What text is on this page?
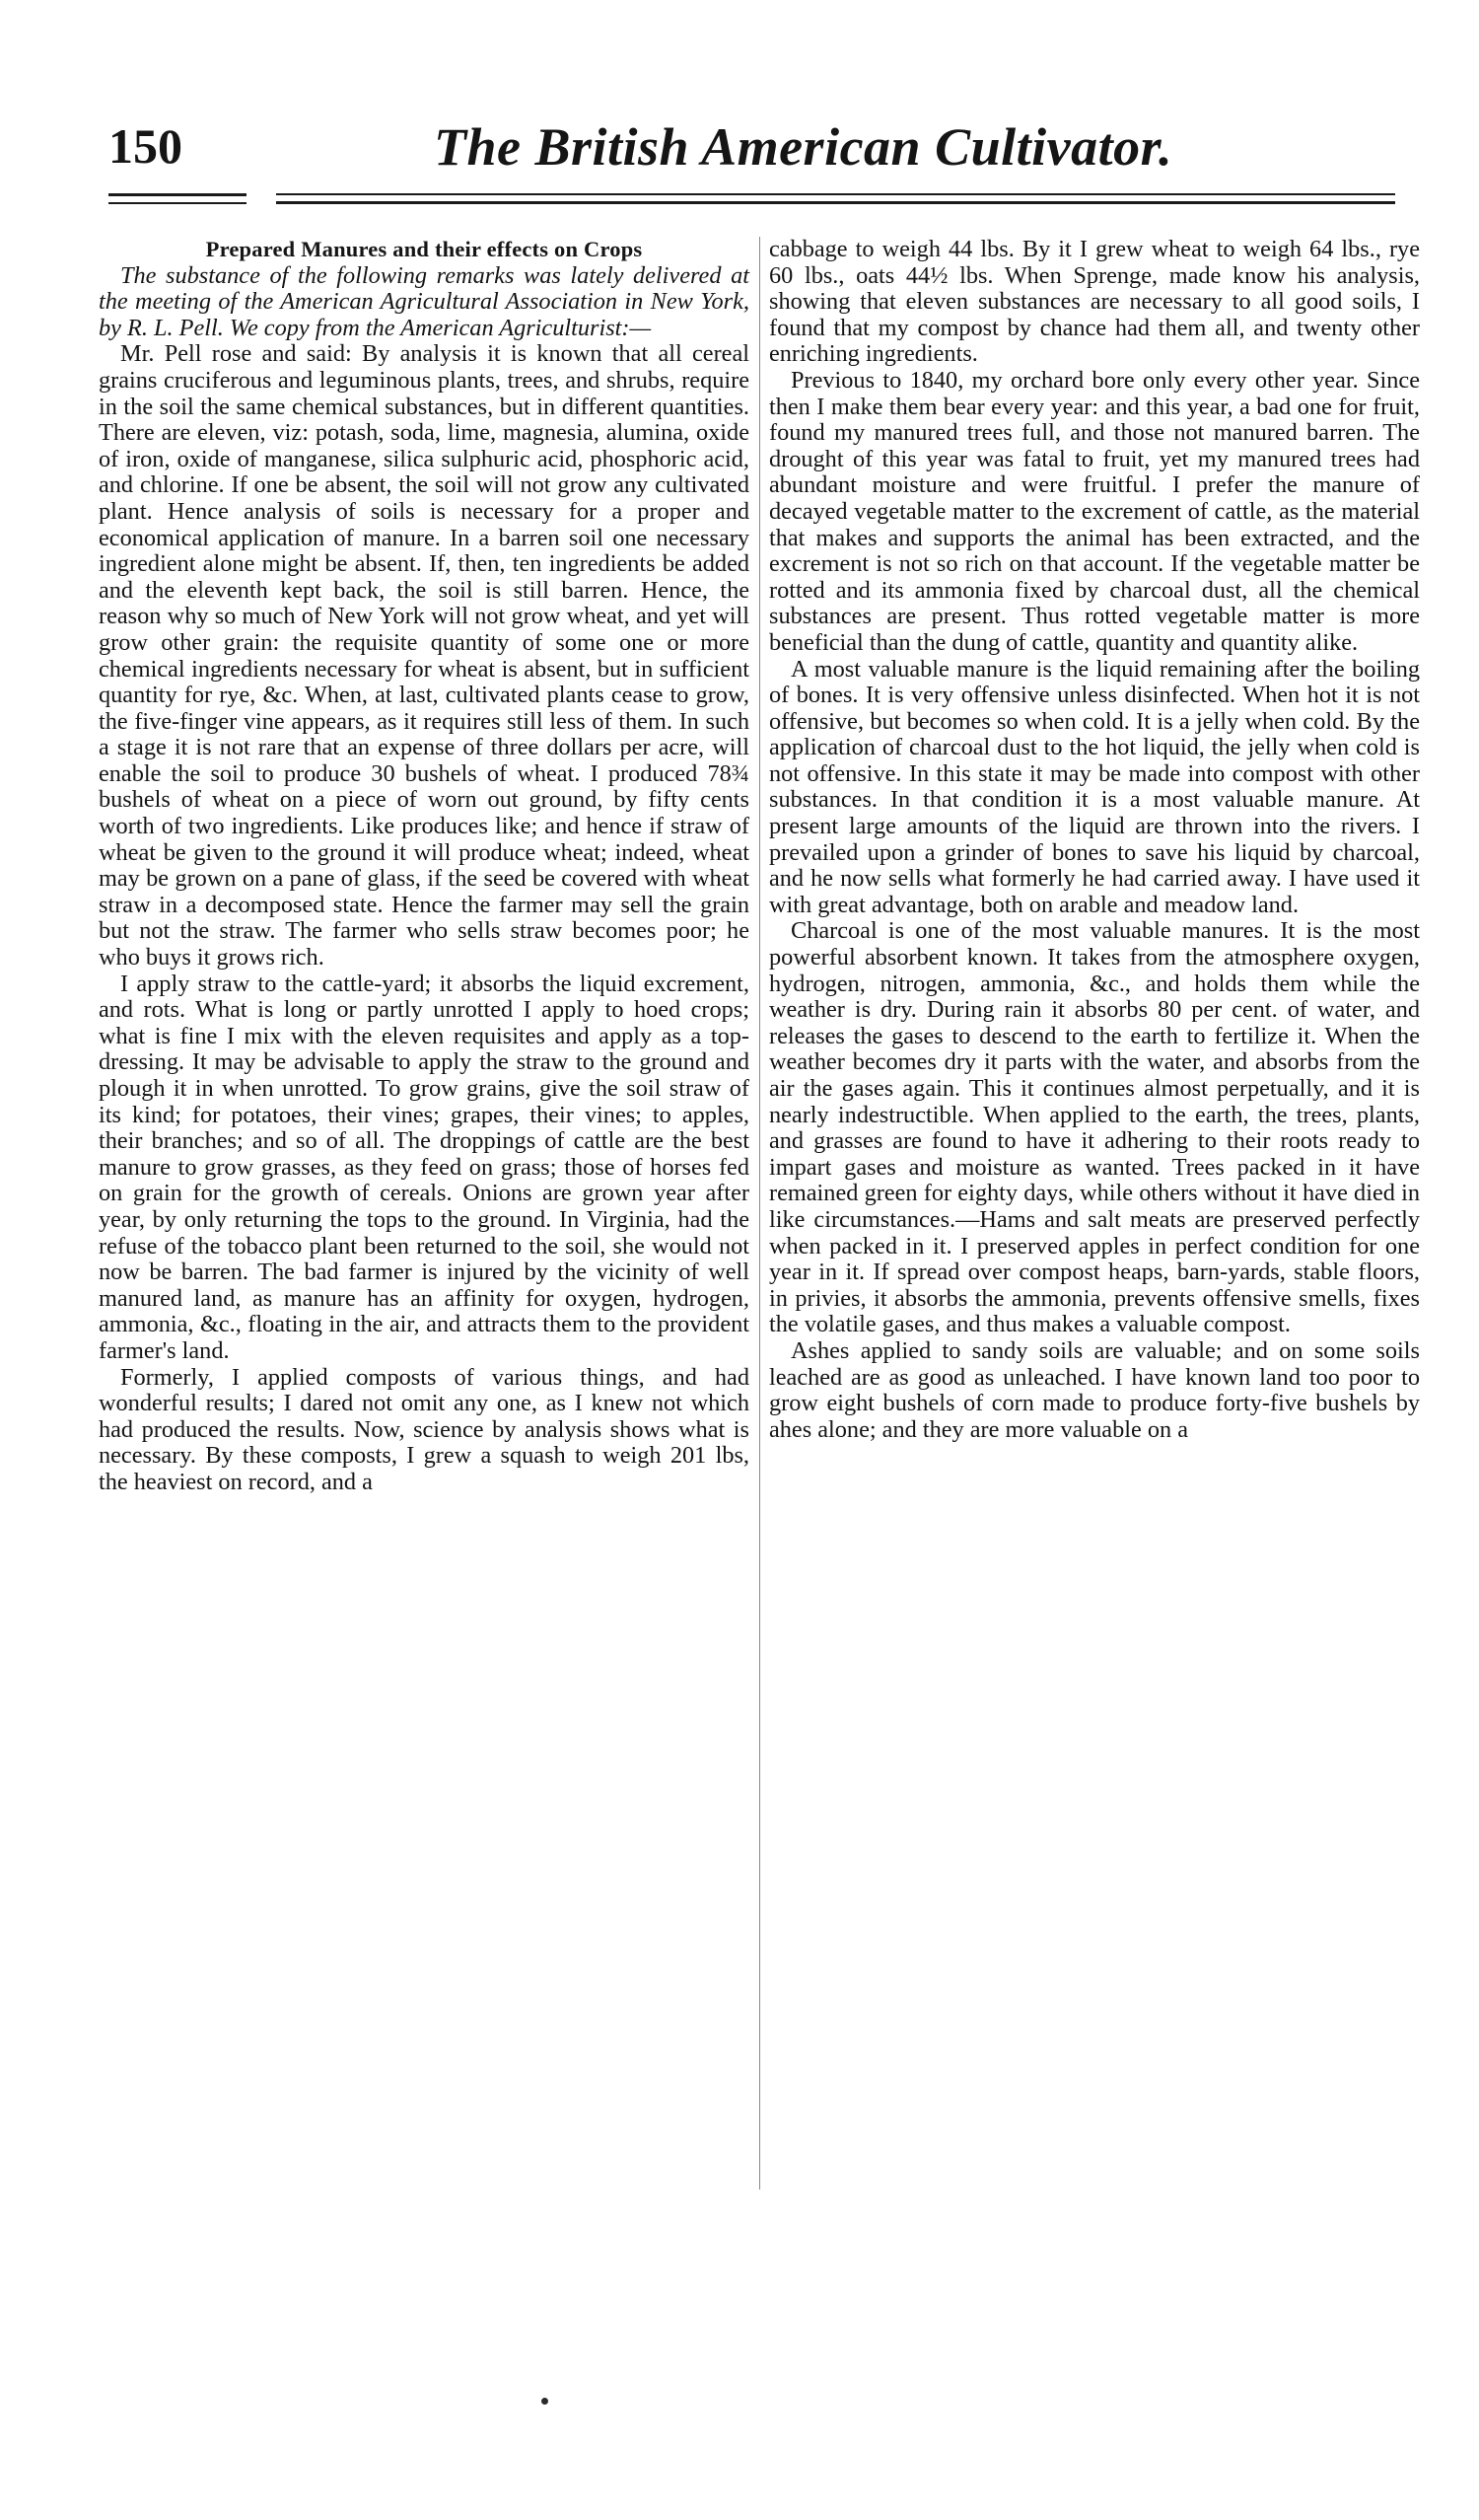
150	The British American Cultivator.
Prepared Manures and their effects on Crops

The substance of the following remarks was lately delivered at the meeting of the American Agricultural Association in New York, by R. L. Pell. We copy from the American Agriculturist:—

Mr. Pell rose and said: By analysis it is known that all cereal grains cruciferous and leguminous plants, trees, and shrubs, require in the soil the same chemical substances, but in different quantities. There are eleven, viz: potash, soda, lime, magnesia, alumina, oxide of iron, oxide of manganese, silica sulphuric acid, phosphoric acid, and chlorine. If one be absent, the soil will not grow any cultivated plant. Hence analysis of soils is necessary for a proper and economical application of manure. In a barren soil one necessary ingredient alone might be absent. If, then, ten ingredients be added and the eleventh kept back, the soil is still barren. Hence, the reason why so much of New York will not grow wheat, and yet will grow other grain: the requisite quantity of some one or more chemical ingredients necessary for wheat is absent, but in sufficient quantity for rye, &c. When, at last, cultivated plants cease to grow, the five-finger vine appears, as it requires still less of them. In such a stage it is not rare that an expense of three dollars per acre, will enable the soil to produce 30 bushels of wheat. I produced 78¾ bushels of wheat on a piece of worn out ground, by fifty cents worth of two ingredients. Like produces like; and hence if straw of wheat be given to the ground it will produce wheat; indeed, wheat may be grown on a pane of glass, if the seed be covered with wheat straw in a decomposed state. Hence the farmer may sell the grain but not the straw. The farmer who sells straw becomes poor; he who buys it grows rich.

I apply straw to the cattle-yard; it absorbs the liquid excrement, and rots. What is long or partly unrotted I apply to hoed crops; what is fine I mix with the eleven requisites and apply as a top-dressing. It may be advisable to apply the straw to the ground and plough it in when unrotted. To grow grains, give the soil straw of its kind; for potatoes, their vines; grapes, their vines; to apples, their branches; and so of all. The droppings of cattle are the best manure to grow grasses, as they feed on grass; those of horses fed on grain for the growth of cereals. Onions are grown year after year, by only returning the tops to the ground. In Virginia, had the refuse of the tobacco plant been returned to the soil, she would not now be barren. The bad farmer is injured by the vicinity of well manured land, as manure has an affinity for oxygen, hydrogen, ammonia, &c., floating in the air, and attracts them to the provident farmer's land.

Formerly, I applied composts of various things, and had wonderful results; I dared not omit any one, as I knew not which had produced the results. Now, science by analysis shows what is necessary. By these composts, I grew a squash to weigh 201 lbs, the heaviest on record, and a

cabbage to weigh 44 lbs. By it I grew wheat to weigh 64 lbs., rye 60 lbs., oats 44½ lbs. When Sprenge, made know his analysis, showing that eleven substances are necessary to all good soils, I found that my compost by chance had them all, and twenty other enriching ingredients.

Previous to 1840, my orchard bore only every other year. Since then I make them bear every year: and this year, a bad one for fruit, found my manured trees full, and those not manured barren. The drought of this year was fatal to fruit, yet my manured trees had abundant moisture and were fruitful. I prefer the manure of decayed vegetable matter to the excrement of cattle, as the material that makes and supports the animal has been extracted, and the excrement is not so rich on that account. If the vegetable matter be rotted and its ammonia fixed by charcoal dust, all the chemical substances are present. Thus rotted vegetable matter is more beneficial than the dung of cattle, quantity and quantity alike.

A most valuable manure is the liquid remaining after the boiling of bones. It is very offensive unless disinfected. When hot it is not offensive, but becomes so when cold. It is a jelly when cold. By the application of charcoal dust to the hot liquid, the jelly when cold is not offensive. In this state it may be made into compost with other substances. In that condition it is a most valuable manure. At present large amounts of the liquid are thrown into the rivers. I prevailed upon a grinder of bones to save his liquid by charcoal, and he now sells what formerly he had carried away. I have used it with great advantage, both on arable and meadow land.

Charcoal is one of the most valuable manures. It is the most powerful absorbent known. It takes from the atmosphere oxygen, hydrogen, nitrogen, ammonia, &c., and holds them while the weather is dry. During rain it absorbs 80 per cent. of water, and releases the gases to descend to the earth to fertilize it. When the weather becomes dry it parts with the water, and absorbs from the air the gases again. This it continues almost perpetually, and it is nearly indestructible. When applied to the earth, the trees, plants, and grasses are found to have it adhering to their roots ready to impart gases and moisture as wanted. Trees packed in it have remained green for eighty days, while others without it have died in like circumstances.—Hams and salt meats are preserved perfectly when packed in it. I preserved apples in perfect condition for one year in it. If spread over compost heaps, barn-yards, stable floors, in privies, it absorbs the ammonia, prevents offensive smells, fixes the volatile gases, and thus makes a valuable compost.

Ashes applied to sandy soils are valuable; and on some soils leached are as good as unleached. I have known land too poor to grow eight bushels of corn made to produce forty-five bushels by ahes alone; and they are more valuable on a
